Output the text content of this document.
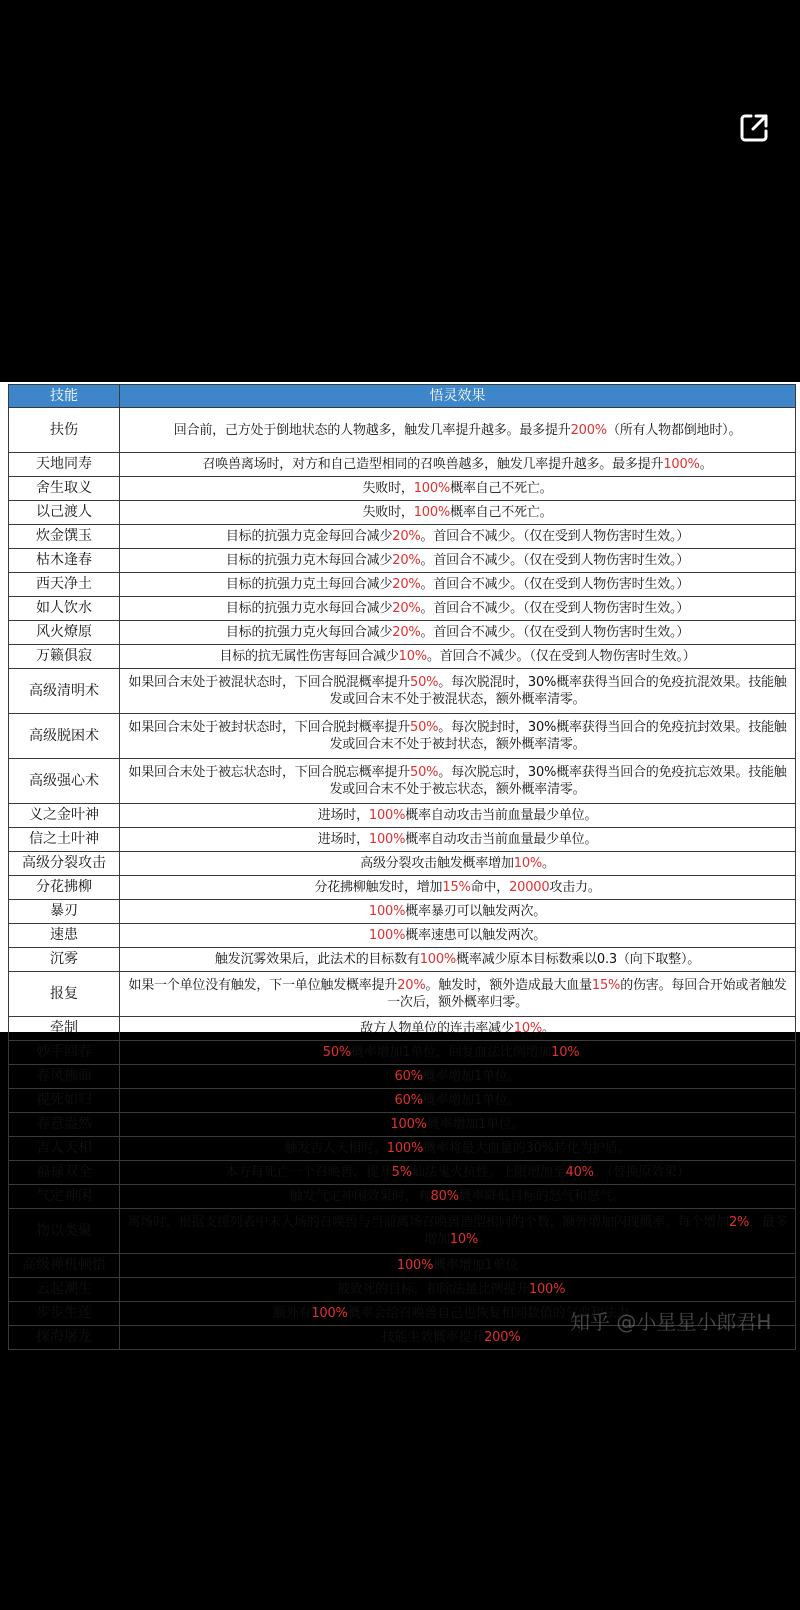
技能	悟灵效果
扶伤	回合前，己方处于倒地状态的人物越多，触发几率提升越多。最多提升200%（所有人物都倒地时）。
天地同寿	召唤兽离场时，对方和自己造型相同的召唤兽越多，触发几率提升越多。最多提升100%。
舍生取义	失败时，100%概率自己不死亡。
以己渡人	失败时，100%概率自己不死亡。
炊金馔玉	目标的抗强力克金每回合减少20%。首回合不减少。（仅在受到人物伤害时生效。）
枯木逢春	目标的抗强力克木每回合减少20%。首回合不减少。（仅在受到人物伤害时生效。）
西天净土	目标的抗强力克土每回合减少20%。首回合不减少。（仅在受到人物伤害时生效。）
如人饮水	目标的抗强力克水每回合减少20%。首回合不减少。（仅在受到人物伤害时生效。）
风火燎原	目标的抗强力克火每回合减少20%。首回合不减少。（仅在受到人物伤害时生效。）
万籁俱寂	目标的抗无属性伤害每回合减少10%。首回合不减少。（仅在受到人物伤害时生效。）
高级清明术	如果回合末处于被混状态时，下回合脱混概率提升50%。每次脱混时，30%概率获得当回合的免疫抗混效果。技能触发或回合末不处于被混状态，额外概率清零。
高级脱困术	如果回合末处于被封状态时，下回合脱封概率提升50%。每次脱封时，30%概率获得当回合的免疫抗封效果。技能触发或回合末不处于被封状态，额外概率清零。
高级强心术	如果回合末处于被忘状态时，下回合脱忘概率提升50%。每次脱忘时，30%概率获得当回合的免疫抗忘效果。技能触发或回合末不处于被忘状态，额外概率清零。
义之金叶神	进场时，100%概率自动攻击当前血量最少单位。
信之土叶神	进场时，100%概率自动攻击当前血量最少单位。
高级分裂攻击	高级分裂攻击触发概率增加10%。
分花拂柳	分花拂柳触发时，增加15%命中，20000攻击力。
暴刃	100%概率暴刃可以触发两次。
速患	100%概率速患可以触发两次。
沉雾	触发沉雾效果后，此法术的目标数有100%概率减少原本目标数乘以0.3（向下取整）。
报复	如果一个单位没有触发，下一单位触发概率提升20%。触发时，额外造成最大血量15%的伤害。每回合开始或者触发一次后，额外概率归零。
牵制	敌方人物单位的连击率减少10%。
妙手回春	50%概率增加1单位，回复血法比例增加10%。
春风拂面	60%概率增加1单位。
视死如归	60%概率增加1单位。
春意盎然	100%概率增加1单位。
吉人天相	触发吉人天相时，100%概率将最大血量的30%转化为护盾。
福禄双全	本方每死亡一个召唤兽，提升5%仙法鬼火抗性。上限增加至40%。（替换原效果）
气定神闲	触发气定神闲效果时，有80%概率降低目标的怒气和怒气。
物以类聚	离场时，根据支援列表中未入场的召唤兽与当前离场召唤兽造型相同的个数，额外增加闪现概率。每个增加2%，最多增加10%。
高级禅机顿悟	100%概率增加1单位
云起潮生	被致死的目标，扣除法量比例提升100%。
步步生莲	额外有100%概率会给召唤兽自己也恢复相同数值的气血和法力。
探海屠龙	技能生效概率提升200%。
知乎 @小星星小郎君H
